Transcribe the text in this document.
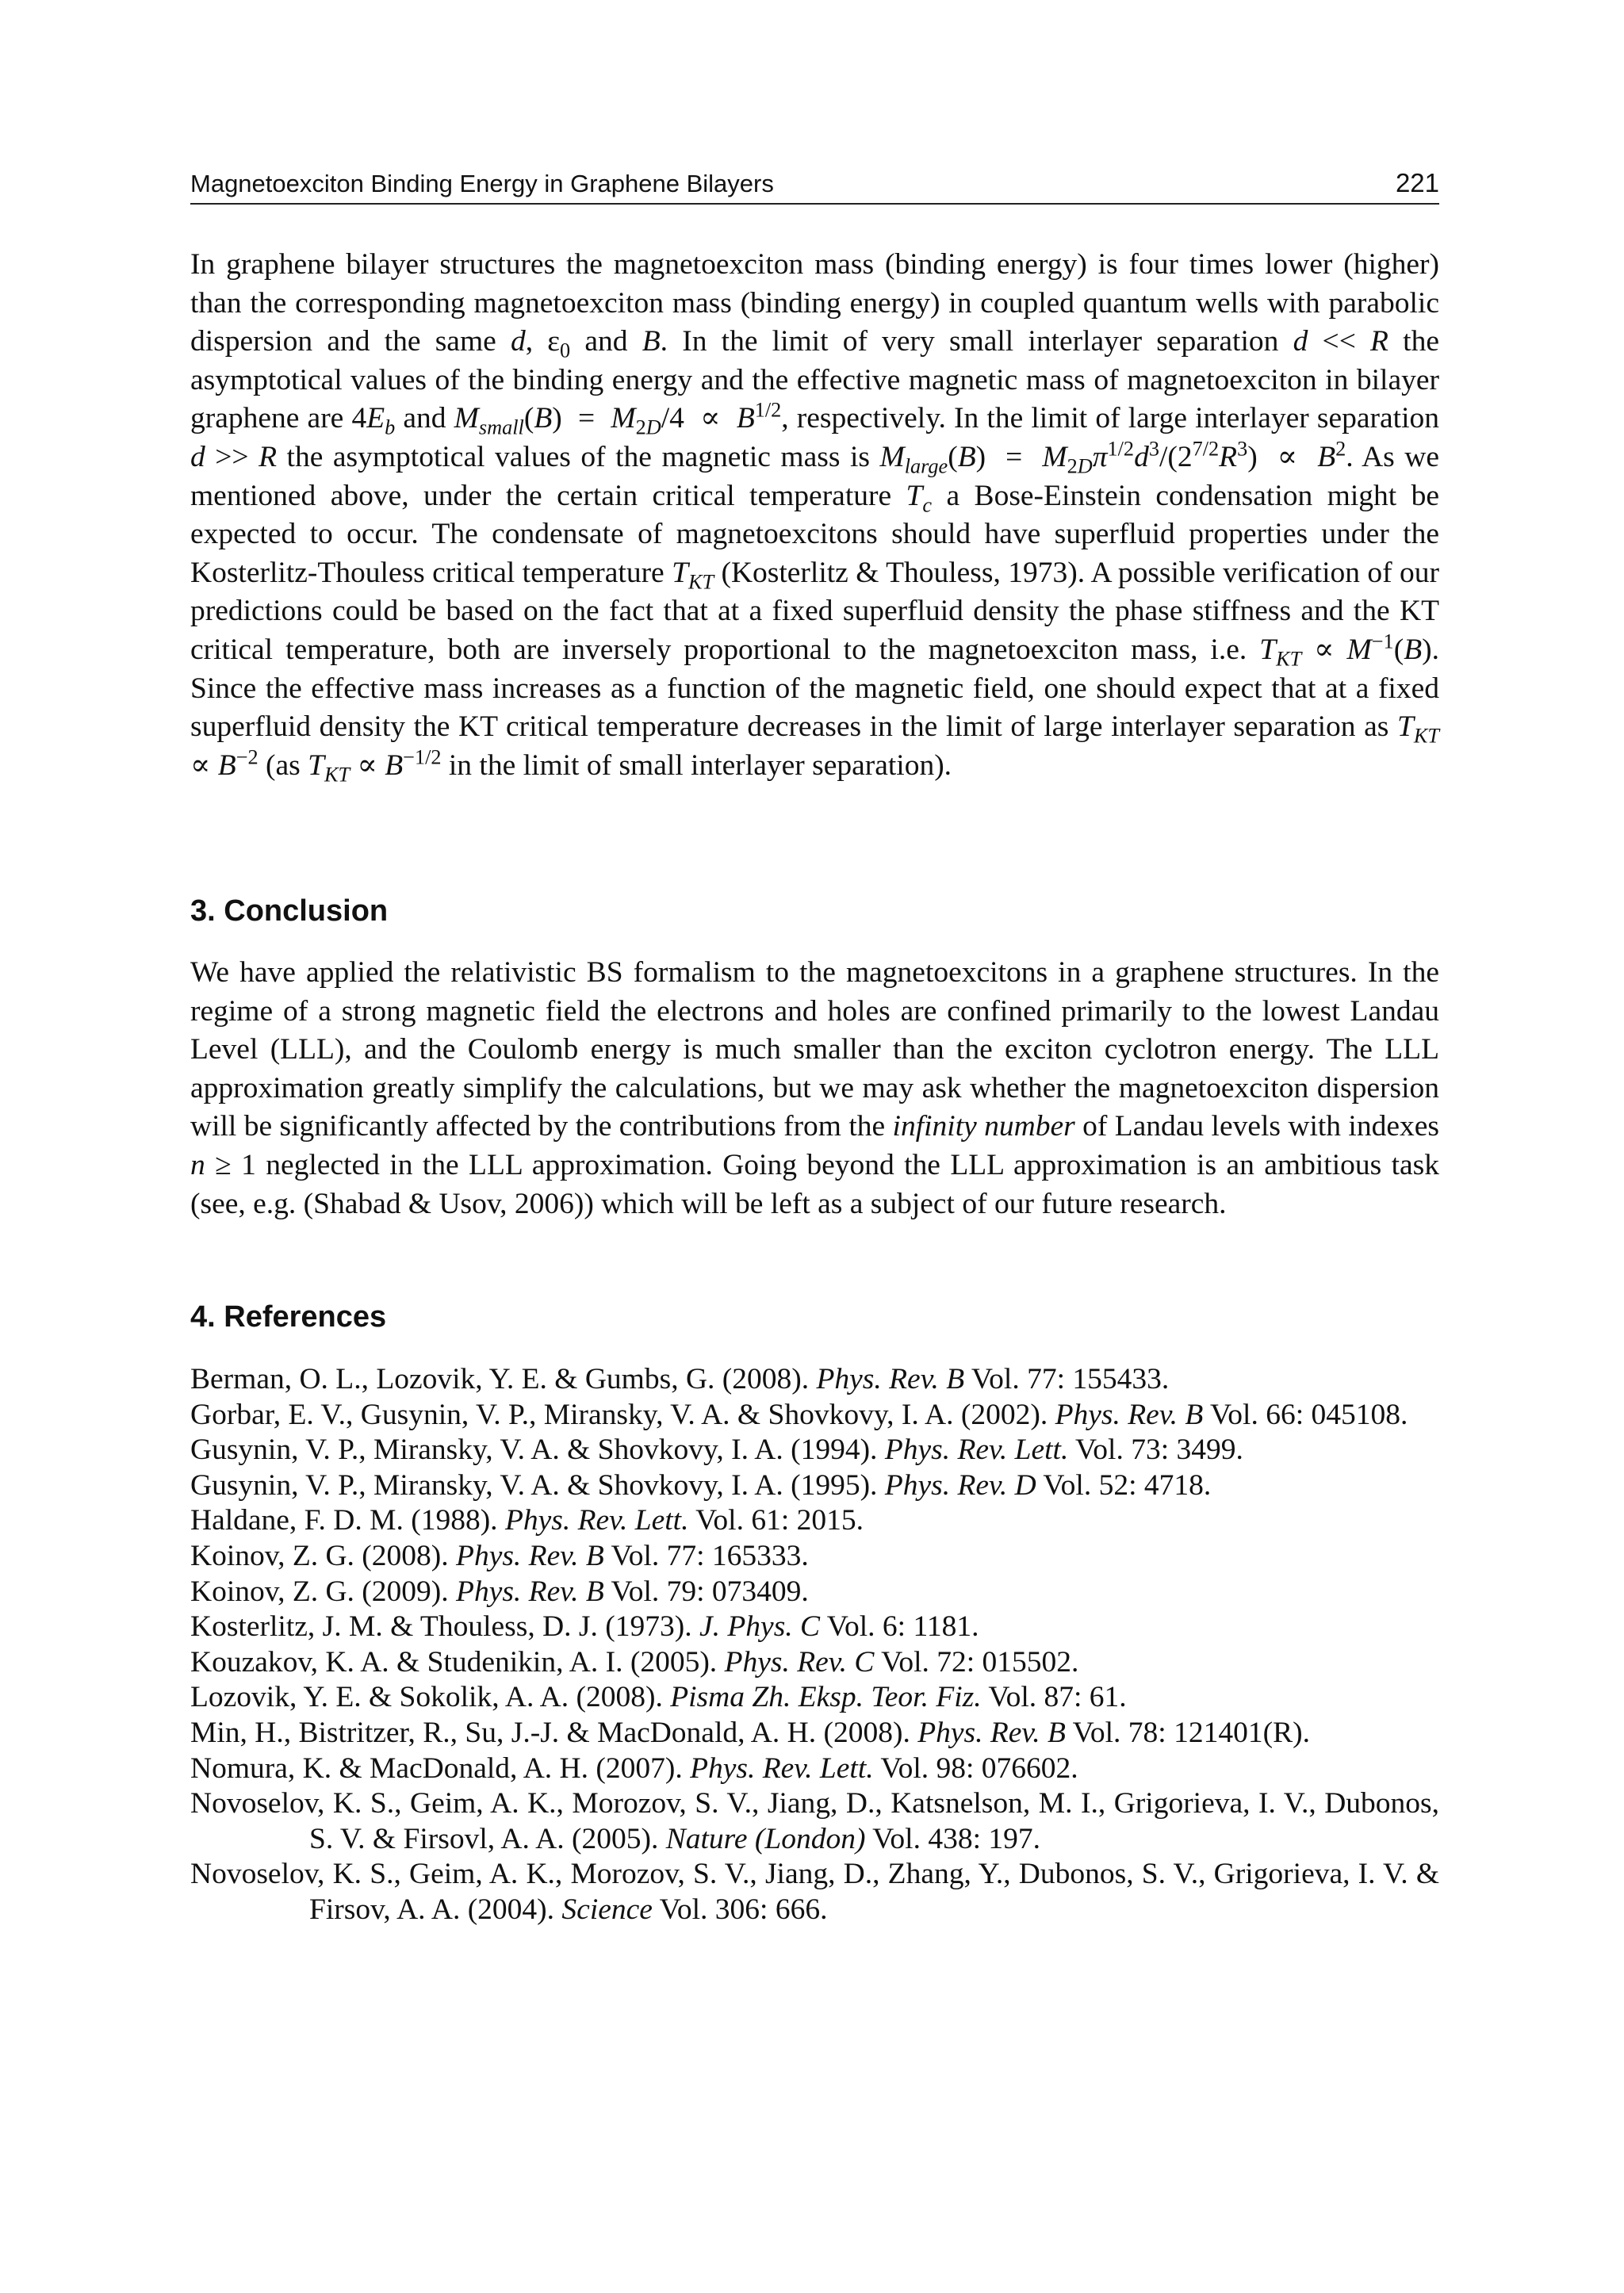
Magnetoexciton Binding Energy in Graphene Bilayers	221

In graphene bilayer structures the magnetoexciton mass (binding energy) is four times lower (higher) than the corresponding magnetoexciton mass (binding energy) in coupled quantum wells with parabolic dispersion and the same d, $\varepsilon_0$ and B. In the limit of very small interlayer separation d << R the asymptotical values of the binding energy and the effective magnetic mass of magnetoexciton in bilayer graphene are $4E_b$ and $M_{small}(B) = M_{2D}/4 \propto B^{1/2}$, respectively. In the limit of large interlayer separation d >> R the asymptotical values of the magnetic mass is $M_{large}(B) = M_{2D}\pi^{1/2}d^3/(2^{7/2}R^3) \propto B^2$. As we mentioned above, under the certain critical temperature $T_c$ a Bose-Einstein condensation might be expected to occur. The condensate of magnetoexcitons should have superfluid properties under the Kosterlitz-Thouless critical temperature $T_{KT}$ (Kosterlitz & Thouless, 1973). A possible verification of our predictions could be based on the fact that at a fixed superfluid density the phase stiffness and the KT critical temperature, both are inversely proportional to the magnetoexciton mass, i.e. $T_{KT} \propto M^{-1}(B)$. Since the effective mass increases as a function of the magnetic field, one should expect that at a fixed superfluid density the KT critical temperature decreases in the limit of large interlayer separation as $T_{KT} \propto B^{-2}$ (as $T_{KT} \propto B^{-1/2}$ in the limit of small interlayer separation).

3. Conclusion

We have applied the relativistic BS formalism to the magnetoexcitons in a graphene structures. In the regime of a strong magnetic field the electrons and holes are confined primarily to the lowest Landau Level (LLL), and the Coulomb energy is much smaller than the exciton cyclotron energy. The LLL approximation greatly simplify the calculations, but we may ask whether the magnetoexciton dispersion will be significantly affected by the contributions from the infinity number of Landau levels with indexes n ≥ 1 neglected in the LLL approximation. Going beyond the LLL approximation is an ambitious task (see, e.g. (Shabad & Usov, 2006)) which will be left as a subject of our future research.

4. References
Berman, O. L., Lozovik, Y. E. & Gumbs, G. (2008). Phys. Rev. B Vol. 77: 155433.
Gorbar, E. V., Gusynin, V. P., Miransky, V. A. & Shovkovy, I. A. (2002). Phys. Rev. B Vol. 66: 045108.
Gusynin, V. P., Miransky, V. A. & Shovkovy, I. A. (1994). Phys. Rev. Lett. Vol. 73: 3499.
Gusynin, V. P., Miransky, V. A. & Shovkovy, I. A. (1995). Phys. Rev. D Vol. 52: 4718.
Haldane, F. D. M. (1988). Phys. Rev. Lett. Vol. 61: 2015.
Koinov, Z. G. (2008). Phys. Rev. B Vol. 77: 165333.
Koinov, Z. G. (2009). Phys. Rev. B Vol. 79: 073409.
Kosterlitz, J. M. & Thouless, D. J. (1973). J. Phys. C Vol. 6: 1181.
Kouzakov, K. A. & Studenikin, A. I. (2005). Phys. Rev. C Vol. 72: 015502.
Lozovik, Y. E. & Sokolik, A. A. (2008). Pisma Zh. Eksp. Teor. Fiz. Vol. 87: 61.
Min, H., Bistritzer, R., Su, J.-J. & MacDonald, A. H. (2008). Phys. Rev. B Vol. 78: 121401(R).
Nomura, K. & MacDonald, A. H. (2007). Phys. Rev. Lett. Vol. 98: 076602.
Novoselov, K. S., Geim, A. K., Morozov, S. V., Jiang, D., Katsnelson, M. I., Grigorieva, I. V., Dubonos, S. V. & Firsovl, A. A. (2005). Nature (London) Vol. 438: 197.
Novoselov, K. S., Geim, A. K., Morozov, S. V., Jiang, D., Zhang, Y., Dubonos, S. V., Grigorieva, I. V. & Firsov, A. A. (2004). Science Vol. 306: 666.
